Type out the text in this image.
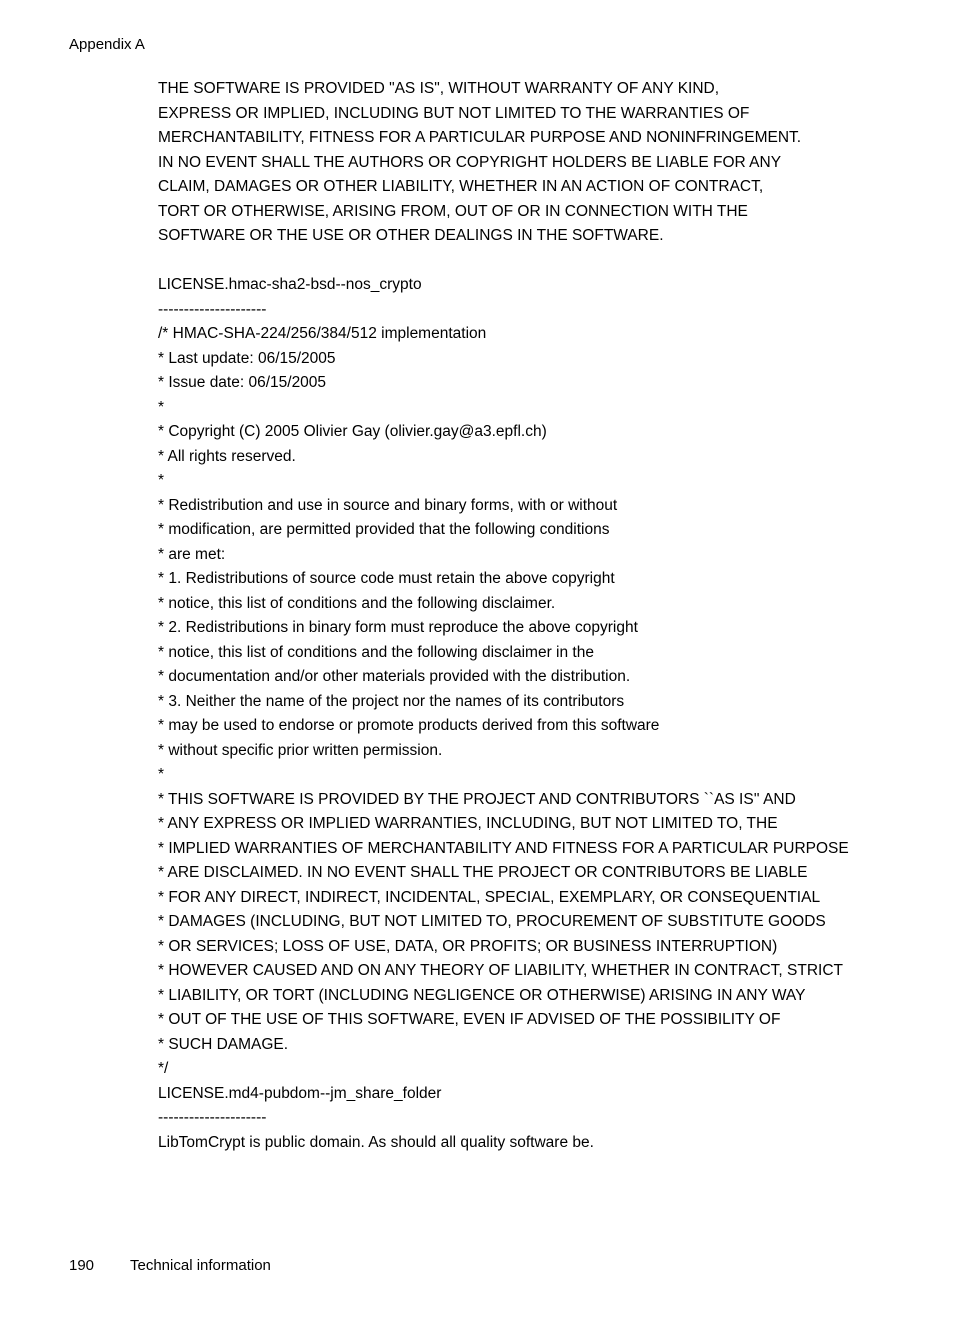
Appendix A
THE SOFTWARE IS PROVIDED "AS IS", WITHOUT WARRANTY OF ANY KIND,
EXPRESS OR IMPLIED, INCLUDING BUT NOT LIMITED TO THE WARRANTIES OF
MERCHANTABILITY, FITNESS FOR A PARTICULAR PURPOSE AND NONINFRINGEMENT.
IN NO EVENT SHALL THE AUTHORS OR COPYRIGHT HOLDERS BE LIABLE FOR ANY
CLAIM, DAMAGES OR OTHER LIABILITY, WHETHER IN AN ACTION OF CONTRACT,
TORT OR OTHERWISE, ARISING FROM, OUT OF OR IN CONNECTION WITH THE
SOFTWARE OR THE USE OR OTHER DEALINGS IN THE SOFTWARE.

LICENSE.hmac-sha2-bsd--nos_crypto

---------------------

/* HMAC-SHA-224/256/384/512 implementation

* Last update: 06/15/2005

* Issue date: 06/15/2005

*

* Copyright (C) 2005 Olivier Gay (olivier.gay@a3.epfl.ch)

* All rights reserved.

*

* Redistribution and use in source and binary forms, with or without

* modification, are permitted provided that the following conditions

* are met:

* 1. Redistributions of source code must retain the above copyright

* notice, this list of conditions and the following disclaimer.

* 2. Redistributions in binary form must reproduce the above copyright

* notice, this list of conditions and the following disclaimer in the

* documentation and/or other materials provided with the distribution.

* 3. Neither the name of the project nor the names of its contributors

* may be used to endorse or promote products derived from this software

* without specific prior written permission.

*

* THIS SOFTWARE IS PROVIDED BY THE PROJECT AND CONTRIBUTORS ``AS IS'' AND

* ANY EXPRESS OR IMPLIED WARRANTIES, INCLUDING, BUT NOT LIMITED TO, THE

* IMPLIED WARRANTIES OF MERCHANTABILITY AND FITNESS FOR A PARTICULAR PURPOSE

* ARE DISCLAIMED. IN NO EVENT SHALL THE PROJECT OR CONTRIBUTORS BE LIABLE

* FOR ANY DIRECT, INDIRECT, INCIDENTAL, SPECIAL, EXEMPLARY, OR CONSEQUENTIAL

* DAMAGES (INCLUDING, BUT NOT LIMITED TO, PROCUREMENT OF SUBSTITUTE GOODS

* OR SERVICES; LOSS OF USE, DATA, OR PROFITS; OR BUSINESS INTERRUPTION)

* HOWEVER CAUSED AND ON ANY THEORY OF LIABILITY, WHETHER IN CONTRACT, STRICT

* LIABILITY, OR TORT (INCLUDING NEGLIGENCE OR OTHERWISE) ARISING IN ANY WAY

* OUT OF THE USE OF THIS SOFTWARE, EVEN IF ADVISED OF THE POSSIBILITY OF

* SUCH DAMAGE.

*/

LICENSE.md4-pubdom--jm_share_folder

---------------------

LibTomCrypt is public domain. As should all quality software be.

190 Technical information
